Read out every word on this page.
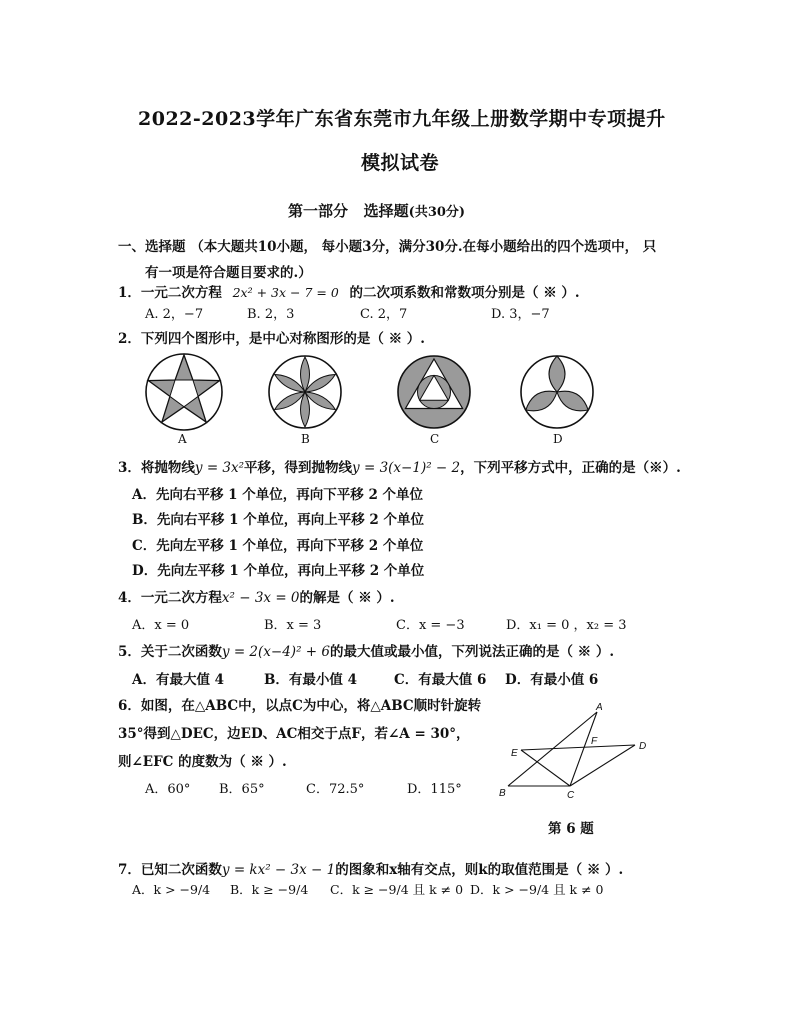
2022-2023学年广东省东莞市九年级上册数学期中专项提升
模拟试卷
第一部分   选择题(共30分)
一、选择题 （本大题共10小题， 每小题3分，满分30分.在每小题给出的四个选项中， 只
有一项是符合题目要求的.）
1．一元二次方程 2x² + 3x − 7 = 0 的二次项系数和常数项分别是（ ※ ）.
A. 2，−7	B. 2，3	C. 2，7	D. 3，−7
2．下列四个图形中，是中心对称图形的是（ ※ ）.
A	B	C	D
3．将抛物线y = 3x²平移，得到抛物线y = 3(x−1)² − 2，下列平移方式中，正确的是（※）.
A．先向右平移 1 个单位，再向下平移 2 个单位
B．先向右平移 1 个单位，再向上平移 2 个单位
C．先向左平移 1 个单位，再向下平移 2 个单位
D．先向左平移 1 个单位，再向上平移 2 个单位
4．一元二次方程x² − 3x = 0的解是（ ※ ）.
A．x = 0	B．x = 3	C．x = −3	D．x₁ = 0 ，x₂ = 3
5．关于二次函数y = 2(x−4)² + 6的最大值或最小值，下列说法正确的是（ ※ ）.
A．有最大值 4	B．有最小值 4	C．有最大值 6 D．有最小值 6
6．如图，在△ABC中，以点C为中心，将△ABC顺时针旋转
35°得到△DEC，边ED、AC相交于点F，若∠A = 30°，
则∠EFC 的度数为（ ※ ）.
A．60° B．65°	C．72.5°	D．115°
A
B	C
D
E
F
第 6 题
7．已知二次函数y = kx² − 3x − 1的图象和x轴有交点，则k的取值范围是（ ※ ）.
A．k > −9/4 B．k ≥ −9/4 C．k ≥ −9/4 且 k ≠ 0 D．k > −9/4 且 k ≠ 0
